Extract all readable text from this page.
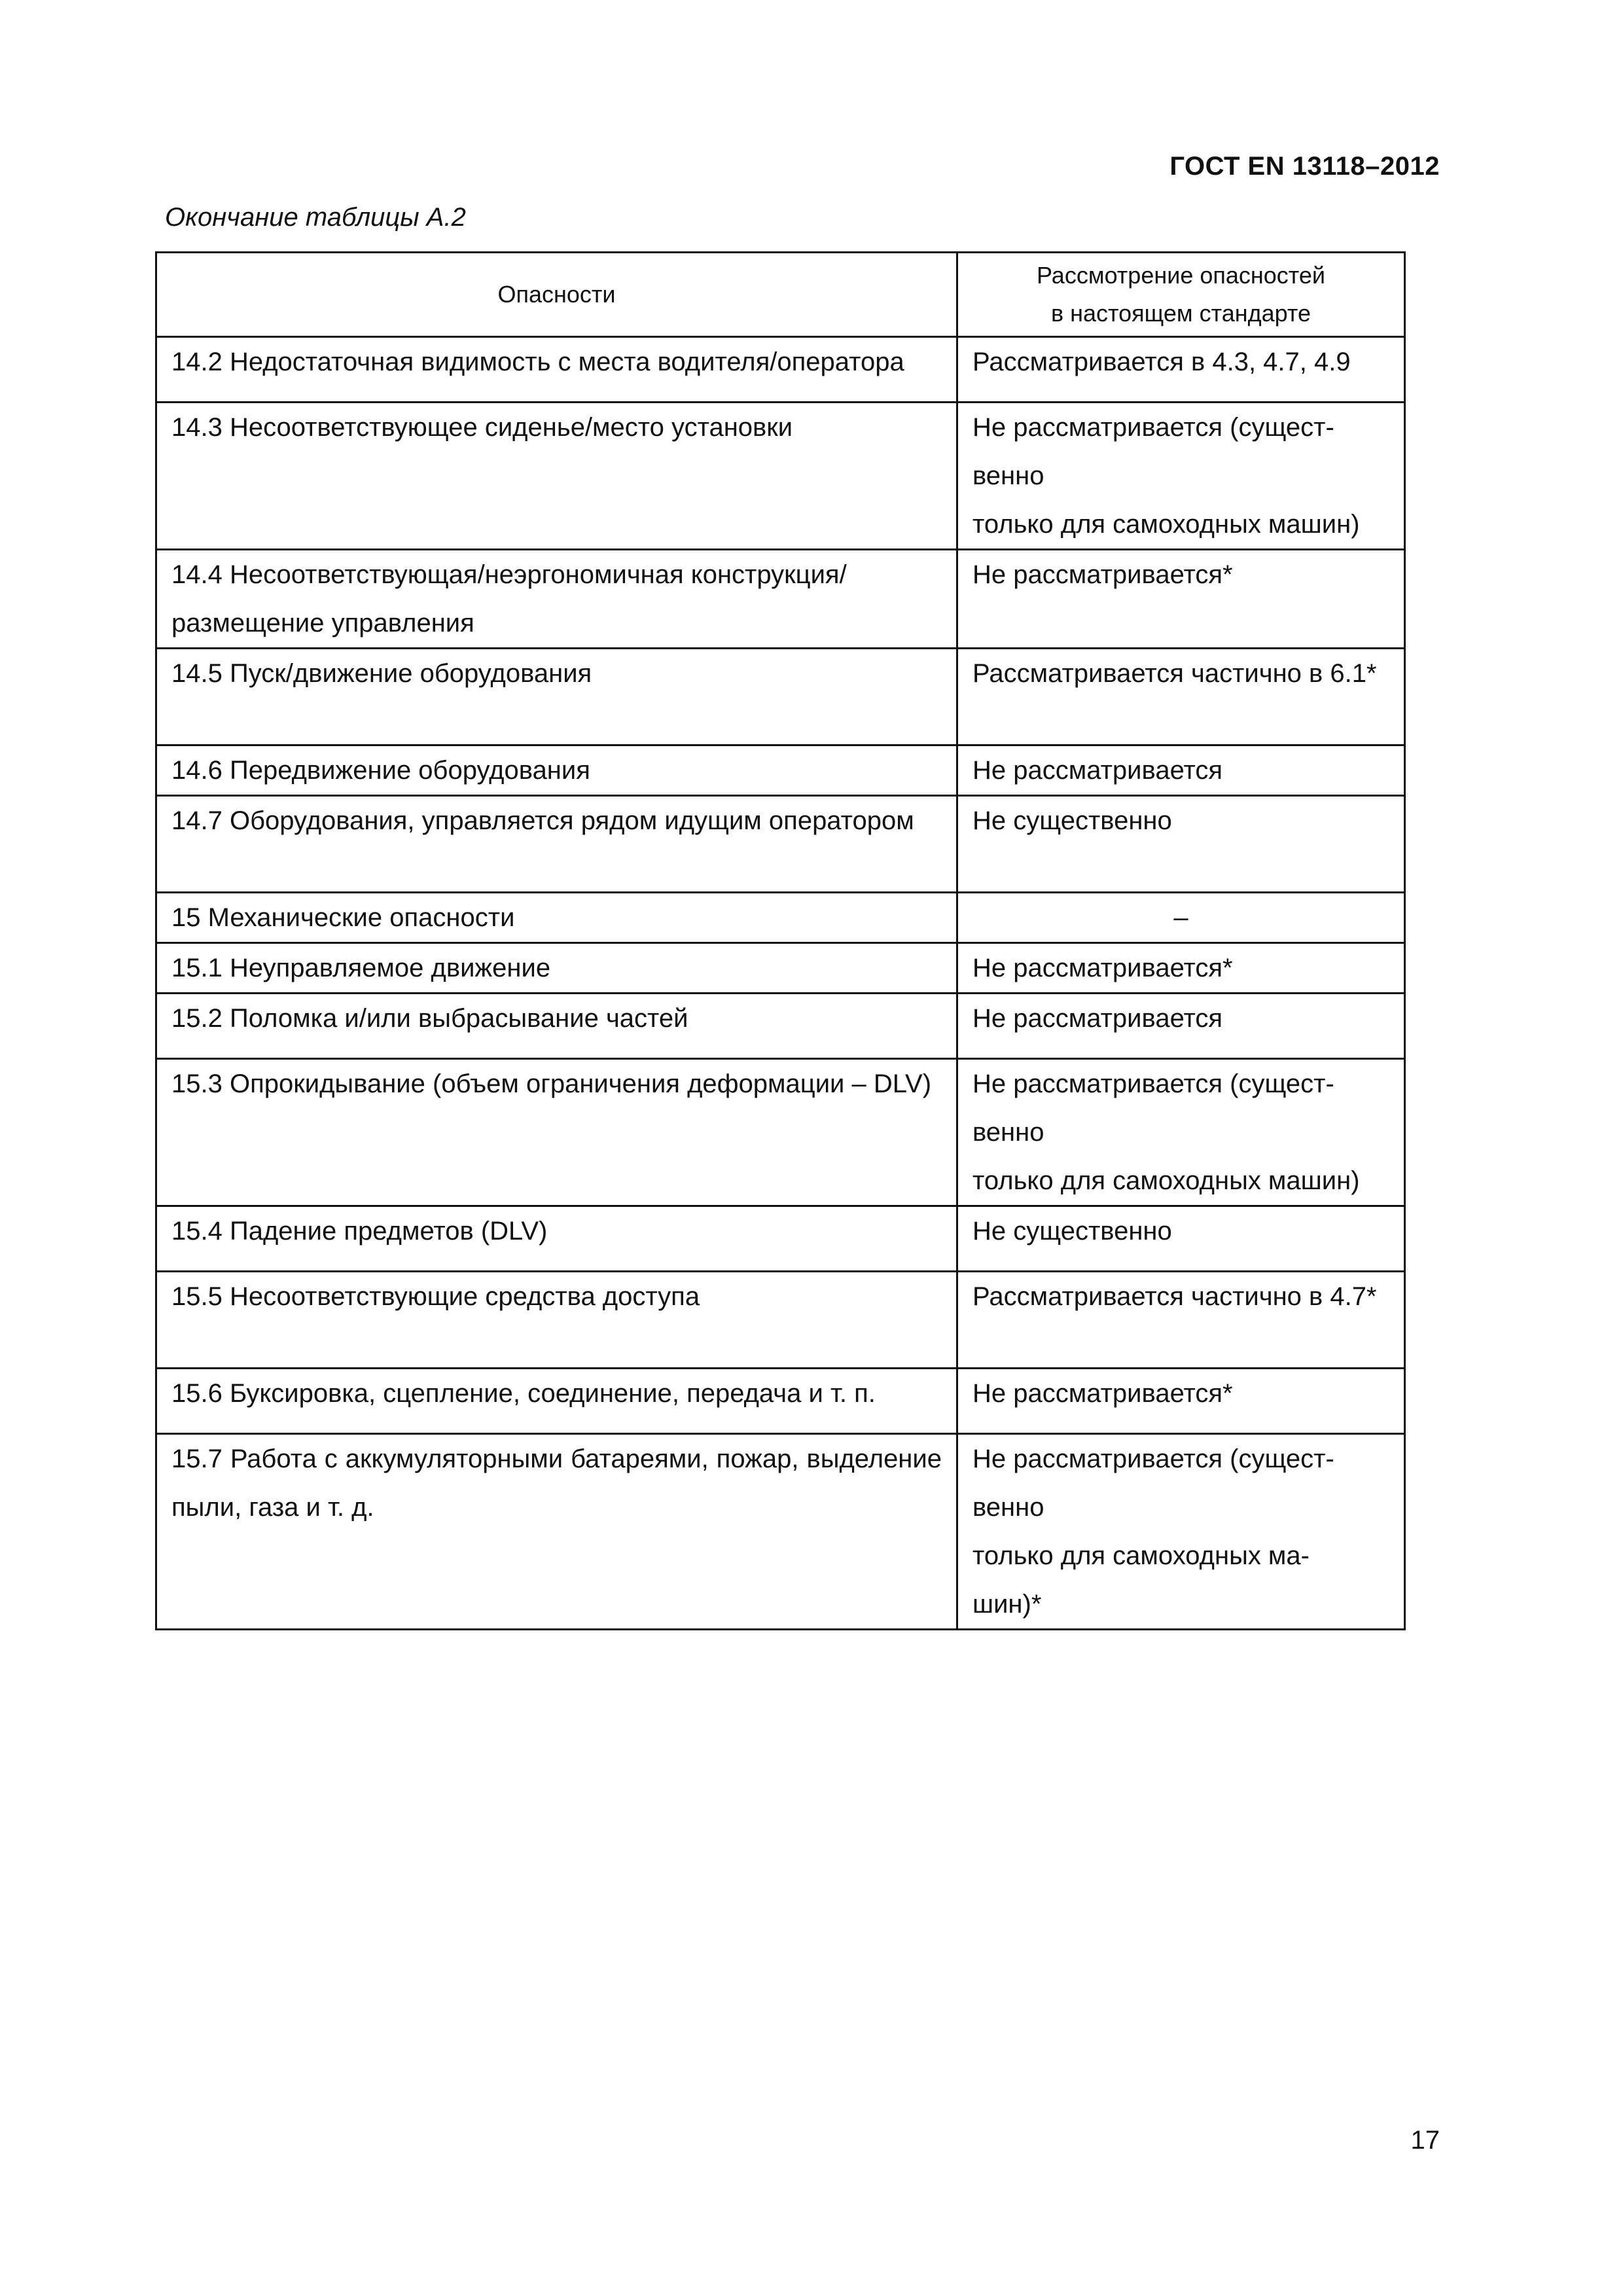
ГОСТ EN 13118–2012
Окончание таблицы А.2
Опасности	Рассмотрение опасностей
в настоящем стандарте

14.2 Недостаточная видимость с места водителя/оператора	Рассматривается в 4.3, 4.7, 4.9
14.3 Несоответствующее сиденье/место установки	Не рассматривается (сущест-
венно
только для самоходных машин)

14.4 Несоответствующая/неэргономичная конструкция/ размещение управления	Не рассматривается*
14.5 Пуск/движение оборудования	Рассматривается частично в 6.1*
14.6 Передвижение оборудования	Не рассматривается
14.7 Оборудования, управляется рядом идущим оператором	Не существенно
15 Механические опасности	–
15.1 Неуправляемое движение	Не рассматривается*
15.2 Поломка и/или выбрасывание частей	Не рассматривается
15.3 Опрокидывание (объем ограничения деформации – DLV)	Не рассматривается (сущест-
венно
только для самоходных машин)

15.4 Падение предметов (DLV)	Не существенно
15.5 Несоответствующие средства доступа	Рассматривается частично в 4.7*
15.6 Буксировка, сцепление, соединение, передача и т. п.	Не рассматривается*
15.7 Работа с аккумуляторными батареями, пожар, выделение пыли, газа и т. д.	Не рассматривается (сущест-
венно
только для самоходных ма-
шин)*
17
